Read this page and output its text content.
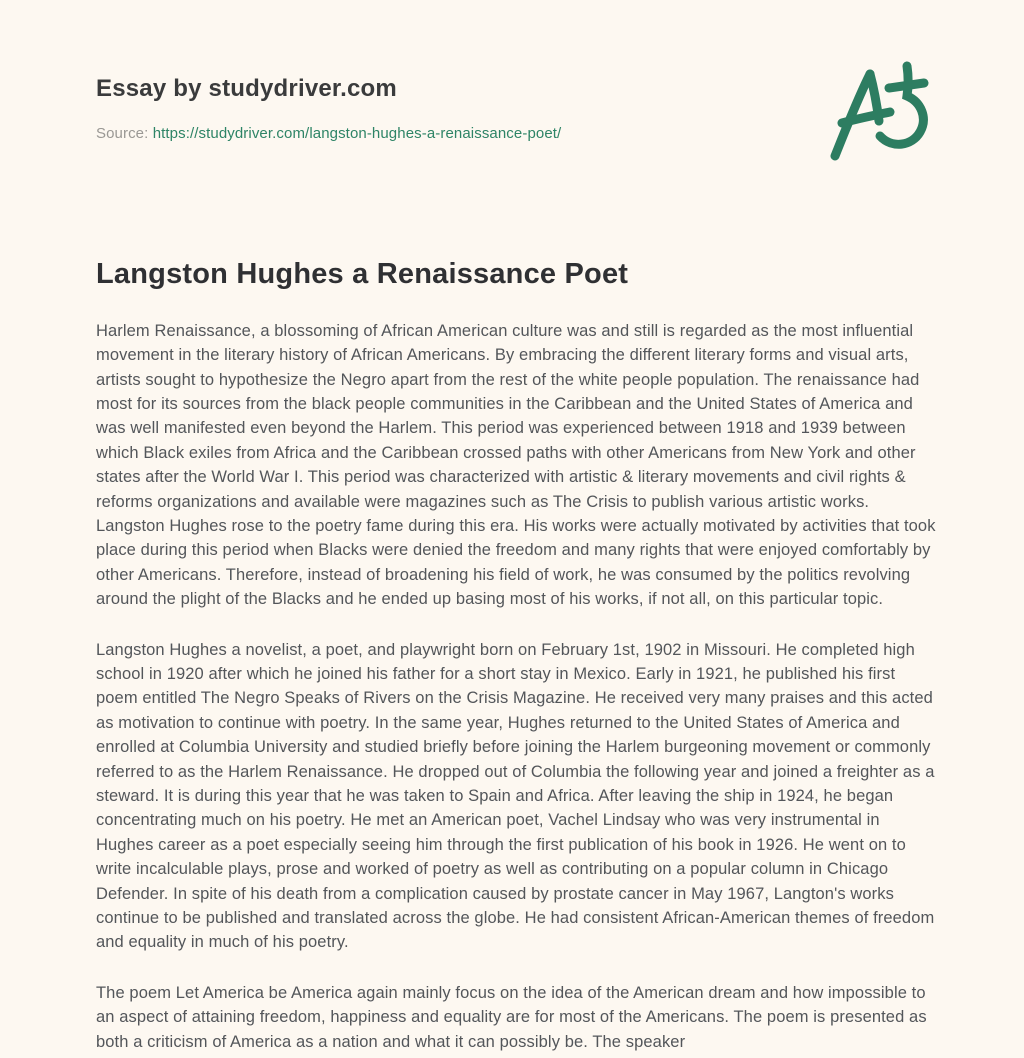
Essay by studydriver.com
Source: https://studydriver.com/langston-hughes-a-renaissance-poet/
Langston Hughes a Renaissance Poet

Harlem Renaissance, a blossoming of African American culture was and still is regarded as the most influential movement in the literary history of African Americans. By embracing the different literary forms and visual arts, artists sought to hypothesize the Negro apart from the rest of the white people population. The renaissance had most for its sources from the black people communities in the Caribbean and the United States of America and was well manifested even beyond the Harlem. This period was experienced between 1918 and 1939 between which Black exiles from Africa and the Caribbean crossed paths with other Americans from New York and other states after the World War I. This period was characterized with artistic & literary movements and civil rights & reforms organizations and available were magazines such as The Crisis to publish various artistic works. Langston Hughes rose to the poetry fame during this era. His works were actually motivated by activities that took place during this period when Blacks were denied the freedom and many rights that were enjoyed comfortably by other Americans. Therefore, instead of broadening his field of work, he was consumed by the politics revolving around the plight of the Blacks and he ended up basing most of his works, if not all, on this particular topic.

Langston Hughes a novelist, a poet, and playwright born on February 1st, 1902 in Missouri. He completed high school in 1920 after which he joined his father for a short stay in Mexico. Early in 1921, he published his first poem entitled The Negro Speaks of Rivers on the Crisis Magazine. He received very many praises and this acted as motivation to continue with poetry. In the same year, Hughes returned to the United States of America and enrolled at Columbia University and studied briefly before joining the Harlem burgeoning movement or commonly referred to as the Harlem Renaissance. He dropped out of Columbia the following year and joined a freighter as a steward. It is during this year that he was taken to Spain and Africa. After leaving the ship in 1924, he began concentrating much on his poetry. He met an American poet, Vachel Lindsay who was very instrumental in Hughes career as a poet especially seeing him through the first publication of his book in 1926. He went on to write incalculable plays, prose and worked of poetry as well as contributing on a popular column in Chicago Defender. In spite of his death from a complication caused by prostate cancer in May 1967, Langton's works continue to be published and translated across the globe. He had consistent African-American themes of freedom and equality in much of his poetry.

The poem Let America be America again mainly focus on the idea of the American dream and how impossible to an aspect of attaining freedom, happiness and equality are for most of the Americans. The poem is presented as both a criticism of America as a nation and what it can possibly be. The speaker
